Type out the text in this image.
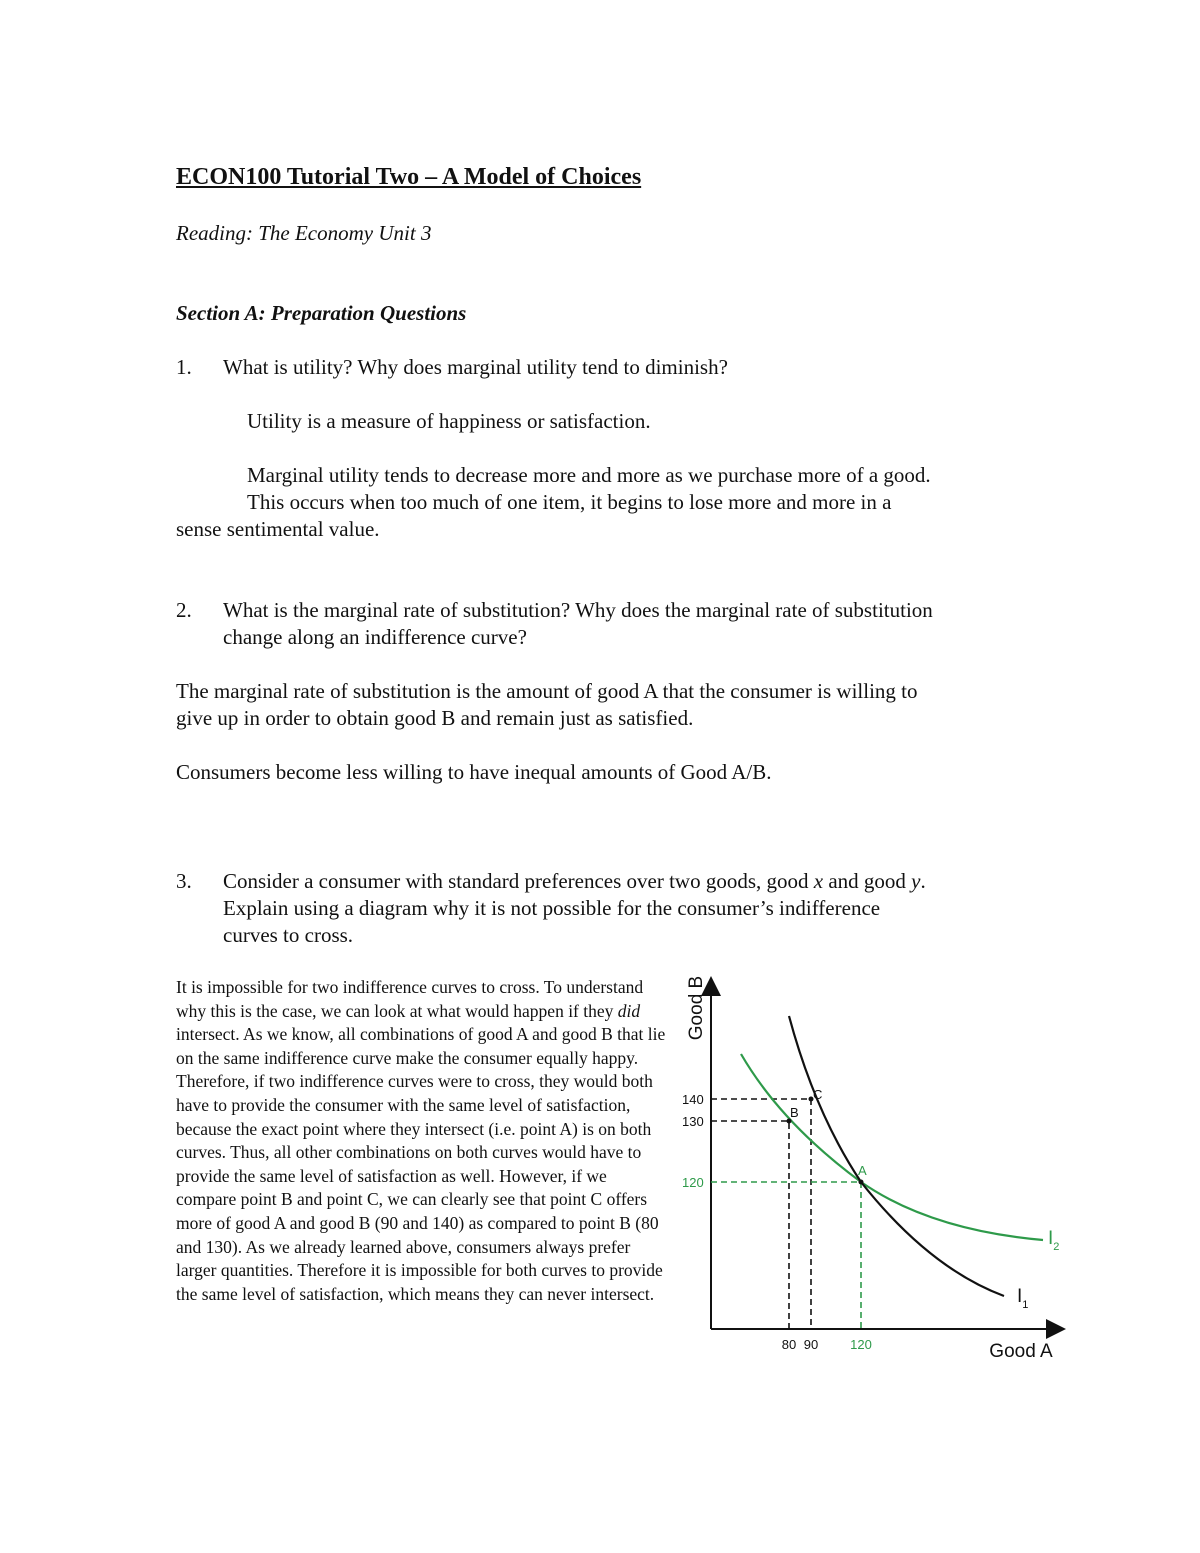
ECON100 Tutorial Two – A Model of Choices

Reading: The Economy Unit 3

Section A: Preparation Questions

1. What is utility? Why does marginal utility tend to diminish?

Utility is a measure of happiness or satisfaction.

Marginal utility tends to decrease more and more as we purchase more of a good.

This occurs when too much of one item, it begins to lose more and more in a

sense sentimental value.

2. What is the marginal rate of substitution? Why does the marginal rate of substitution

change along an indifference curve?

The marginal rate of substitution is the amount of good A that the consumer is willing to

give up in order to obtain good B and remain just as satisfied.

Consumers become less willing to have inequal amounts of Good A/B.

3. Consider a consumer with standard preferences over two goods, good x and good y.

Explain using a diagram why it is not possible for the consumer’s indifference

curves to cross.

It is impossible for two indifference curves to cross. To understand why this is the case, we can look at what would happen if they did intersect. As we know, all combinations of good A and good B that lie on the same indifference curve make the consumer equally happy. Therefore, if two indifference curves were to cross, they would both have to provide the consumer with the same level of satisfaction, because the exact point where they intersect (i.e. point A) is on both curves. Thus, all other combinations on both curves would have to provide the same level of satisfaction as well. However, if we compare point B and point C, we can clearly see that point C offers more of good A and good B (90 and 140) as compared to point B (80 and 130). As we already learned above, consumers always prefer larger quantities. Therefore it is impossible for both curves to provide the same level of satisfaction, which means they can never intersect.

Good B
Good A
$I_2$
$I_1$
C
B
A
140
130
120
80 90 120
